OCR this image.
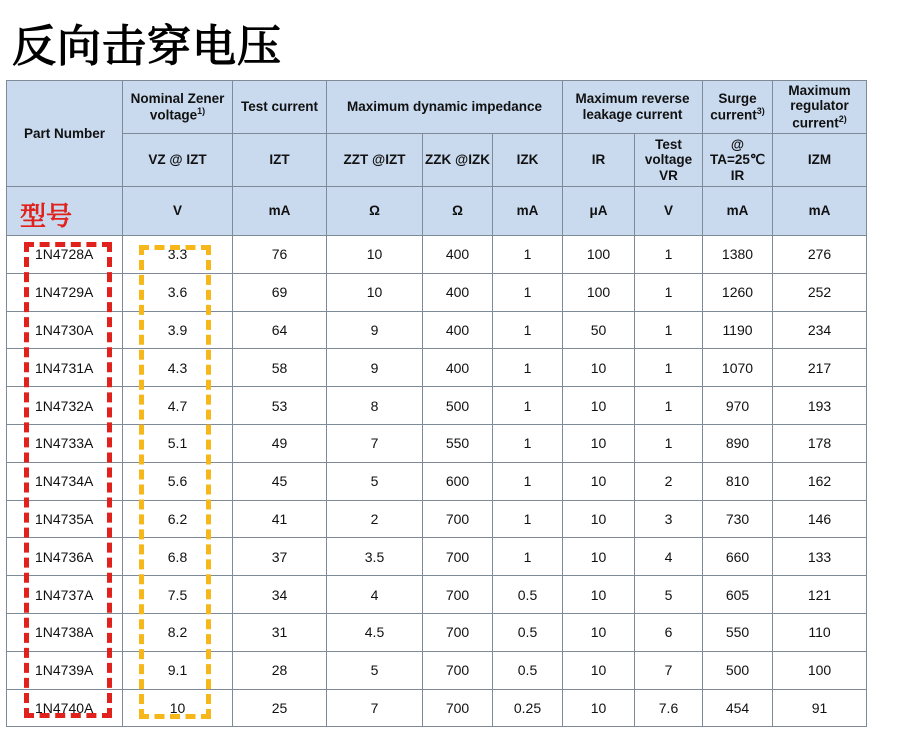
反向击穿电压
Part Number	Nominal Zener voltage$^{1)}$	Test current	Maximum dynamic impedance			Maximum reverse leakage current		Surge current$^{3)}$	Maximum regulator current$^{2)}$
	VZ @ IZT	IZT	ZZT @IZT	ZZK @IZK	IZK	IR	Test voltage VR	@ TA=25℃ IR	IZM
	V	mA	Ω	Ω	mA	μA	V	mA	mA
1N4728A	3.3	76	10	400	1	100	1	1380	276
1N4729A	3.6	69	10	400	1	100	1	1260	252
1N4730A	3.9	64	9	400	1	50	1	1190	234
1N4731A	4.3	58	9	400	1	10	1	1070	217
1N4732A	4.7	53	8	500	1	10	1	970	193
1N4733A	5.1	49	7	550	1	10	1	890	178
1N4734A	5.6	45	5	600	1	10	2	810	162
1N4735A	6.2	41	2	700	1	10	3	730	146
1N4736A	6.8	37	3.5	700	1	10	4	660	133
1N4737A	7.5	34	4	700	0.5	10	5	605	121
1N4738A	8.2	31	4.5	700	0.5	10	6	550	110
1N4739A	9.1	28	5	700	0.5	10	7	500	100
1N4740A	10	25	7	700	0.25	10	7.6	454	91
型号
